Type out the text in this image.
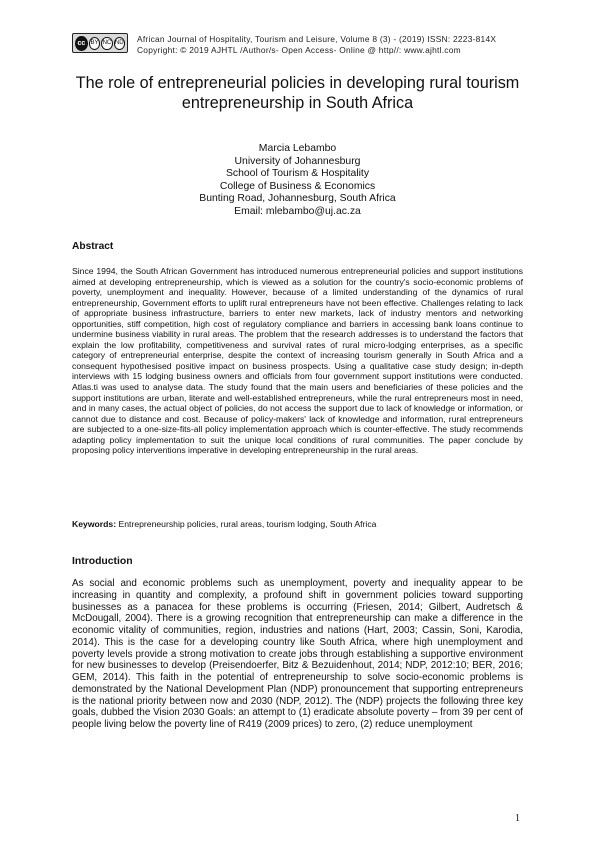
cc BY NC ND African Journal of Hospitality, Tourism and Leisure, Volume 8 (3) - (2019) ISSN: 2223-814X
Copyright: © 2019 AJHTL /Author/s- Open Access- Online @ http//: www.ajhtl.com
The role of entrepreneurial policies in developing rural tourism entrepreneurship in South Africa
Marcia Lebambo
University of Johannesburg
School of Tourism & Hospitality
College of Business & Economics
Bunting Road, Johannesburg, South Africa
Email: mlebambo@uj.ac.za
Abstract

Since 1994, the South African Government has introduced numerous entrepreneurial policies and support institutions aimed at developing entrepreneurship, which is viewed as a solution for the country's socio-economic problems of poverty, unemployment and inequality. However, because of a limited understanding of the dynamics of rural entrepreneurship, Government efforts to uplift rural entrepreneurs have not been effective. Challenges relating to lack of appropriate business infrastructure, barriers to enter new markets, lack of industry mentors and networking opportunities, stiff competition, high cost of regulatory compliance and barriers in accessing bank loans continue to undermine business viability in rural areas. The problem that the research addresses is to understand the factors that explain the low profitability, competitiveness and survival rates of rural micro-lodging enterprises, as a specific category of entrepreneurial enterprise, despite the context of increasing tourism generally in South Africa and a consequent hypothesised positive impact on business prospects. Using a qualitative case study design; in-depth interviews with 15 lodging business owners and officials from four government support institutions were conducted. Atlas.ti was used to analyse data. The study found that the main users and beneficiaries of these policies and the support institutions are urban, literate and well-established entrepreneurs, while the rural entrepreneurs most in need, and in many cases, the actual object of policies, do not access the support due to lack of knowledge or information, or cannot due to distance and cost. Because of policy-makers' lack of knowledge and information, rural entrepreneurs are subjected to a one-size-fits-all policy implementation approach which is counter-effective. The study recommends adapting policy implementation to suit the unique local conditions of rural communities. The paper conclude by proposing policy interventions imperative in developing entrepreneurship in the rural areas.

Keywords: Entrepreneurship policies, rural areas, tourism lodging, South Africa
Introduction

As social and economic problems such as unemployment, poverty and inequality appear to be increasing in quantity and complexity, a profound shift in government policies toward supporting businesses as a panacea for these problems is occurring (Friesen, 2014; Gilbert, Audretsch & McDougall, 2004). There is a growing recognition that entrepreneurship can make a difference in the economic vitality of communities, region, industries and nations (Hart, 2003; Cassin, Soni, Karodia, 2014). This is the case for a developing country like South Africa, where high unemployment and poverty levels provide a strong motivation to create jobs through establishing a supportive environment for new businesses to develop (Preisendoerfer, Bitz & Bezuidenhout, 2014; NDP, 2012:10; BER, 2016; GEM, 2014). This faith in the potential of entrepreneurship to solve socio-economic problems is demonstrated by the National Development Plan (NDP) pronouncement that supporting entrepreneurs is the national priority between now and 2030 (NDP, 2012). The (NDP) projects the following three key goals, dubbed the Vision 2030 Goals: an attempt to (1) eradicate absolute poverty – from 39 per cent of people living below the poverty line of R419 (2009 prices) to zero, (2) reduce unemployment

1
